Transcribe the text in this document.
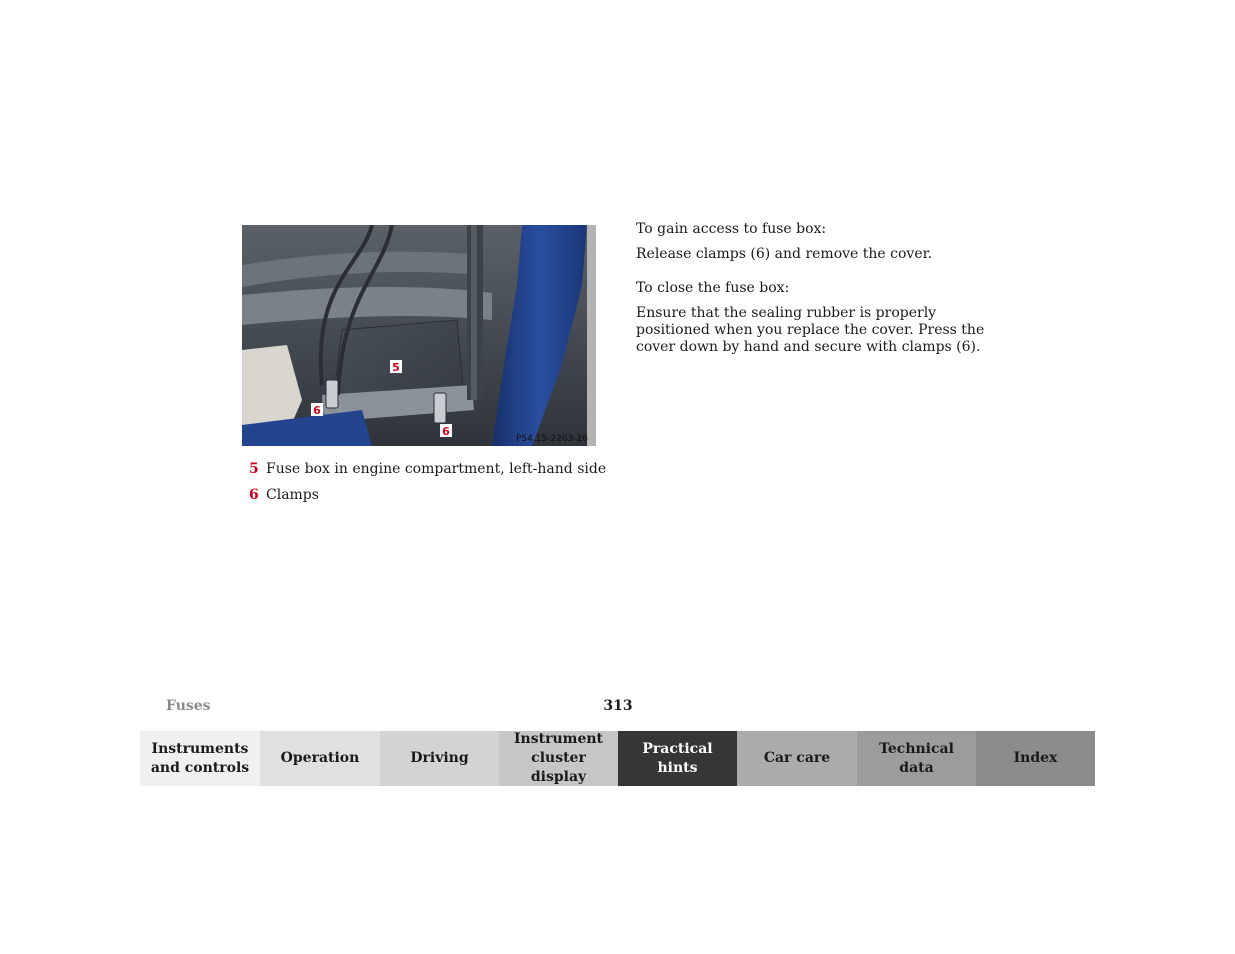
5
6
6
P54.15-2263-26
5 Fuse box in engine compartment, left-hand side
6 Clamps

To gain access to fuse box:

Release clamps (6) and remove the cover.

To close the fuse box:

Ensure that the sealing rubber is properly positioned when you replace the cover. Press the cover down by hand and secure with clamps (6).

Fuses	313
Instruments
and controls
Operation	Driving
Instrument
cluster display
Practical hints
Car care
Technical
data
Index
